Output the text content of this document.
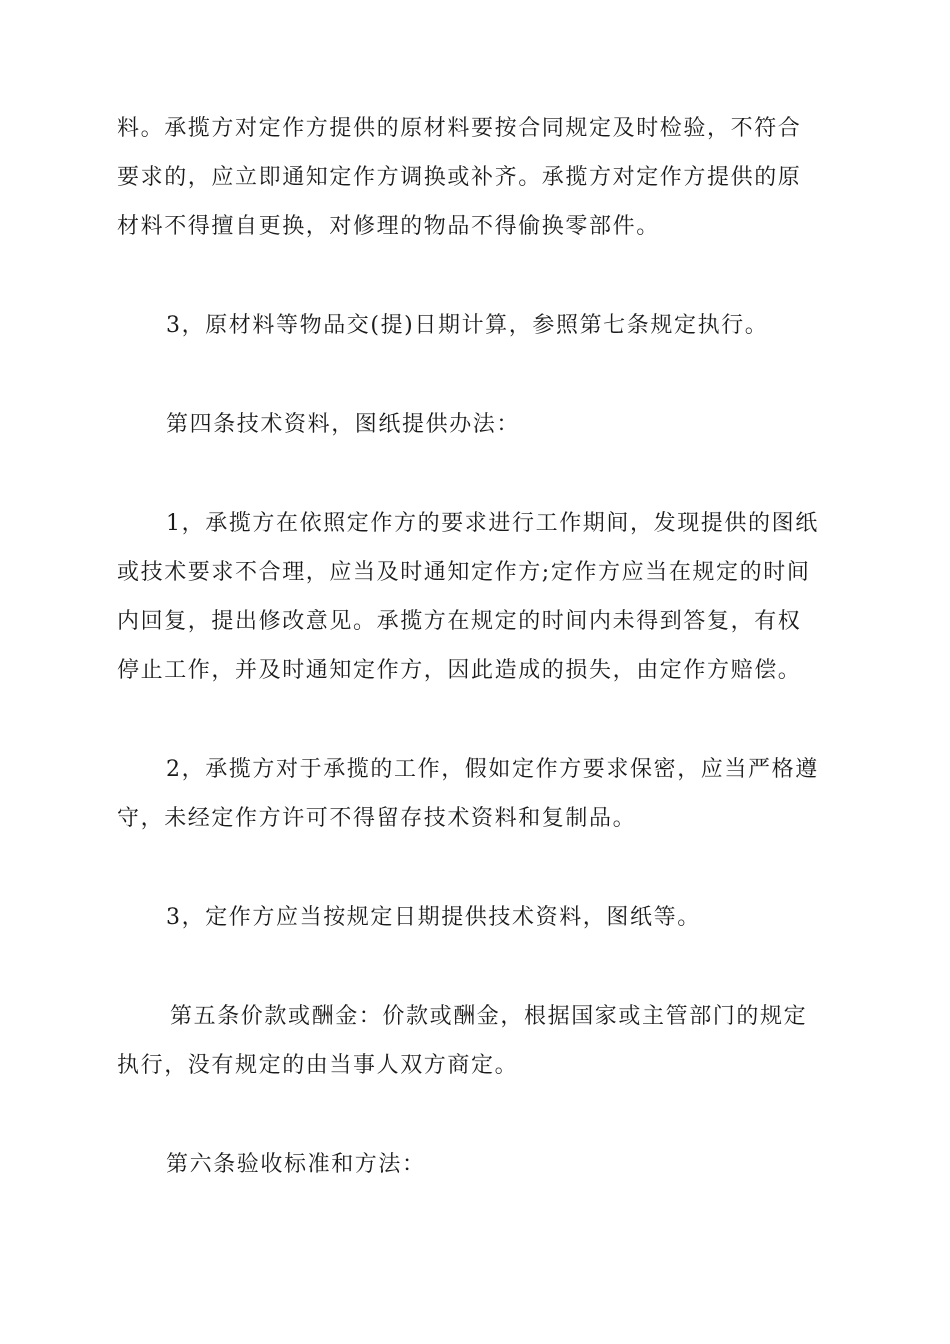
料。承揽方对定作方提供的原材料要按合同规定及时检验，不符合
要求的，应立即通知定作方调换或补齐。承揽方对定作方提供的原
材料不得擅自更换，对修理的物品不得偷换零部件。

3，原材料等物品交(提)日期计算，参照第七条规定执行。

第四条技术资料，图纸提供办法：

1，承揽方在依照定作方的要求进行工作期间，发现提供的图纸
或技术要求不合理，应当及时通知定作方;定作方应当在规定的时间
内回复，提出修改意见。承揽方在规定的时间内未得到答复，有权
停止工作，并及时通知定作方，因此造成的损失，由定作方赔偿。

2，承揽方对于承揽的工作，假如定作方要求保密，应当严格遵
守，未经定作方许可不得留存技术资料和复制品。

3，定作方应当按规定日期提供技术资料，图纸等。

第五条价款或酬金：价款或酬金，根据国家或主管部门的规定
执行，没有规定的由当事人双方商定。

第六条验收标准和方法：
